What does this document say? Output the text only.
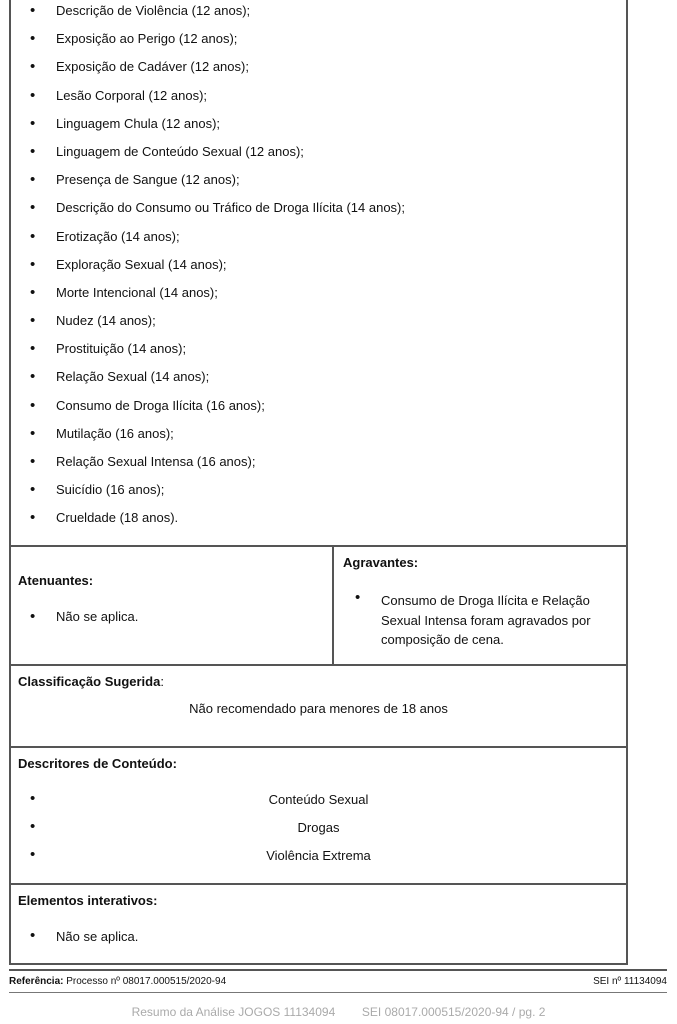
• Descrição de Violência (12 anos);
• Exposição ao Perigo (12 anos);
• Exposição de Cadáver (12 anos);
• Lesão Corporal (12 anos);
• Linguagem Chula (12 anos);
• Linguagem de Conteúdo Sexual (12 anos);
• Presença de Sangue (12 anos);
• Descrição do Consumo ou Tráfico de Droga Ilícita (14 anos);
• Erotização (14 anos);
• Exploração Sexual (14 anos);
• Morte Intencional (14 anos);
• Nudez (14 anos);
• Prostituição (14 anos);
• Relação Sexual (14 anos);
• Consumo de Droga Ilícita (16 anos);
• Mutilação (16 anos);
• Relação Sexual Intensa (16 anos);
• Suicídio (16 anos);
• Crueldade (18 anos).
Atenuantes:
• Não se aplica.
Agravantes:
• Consumo de Droga Ilícita e Relação Sexual Intensa foram agravados por composição de cena.
Classificação Sugerida:
Não recomendado para menores de 18 anos
Descritores de Conteúdo:
•	Conteúdo Sexual
•	Drogas
•	Violência Extrema
Elementos interativos:
• Não se aplica.
Referência: Processo nº 08017.000515/2020-94	SEI nº 11134094
Resumo da Análise JOGOS 11134094        SEI 08017.000515/2020-94 / pg. 2
